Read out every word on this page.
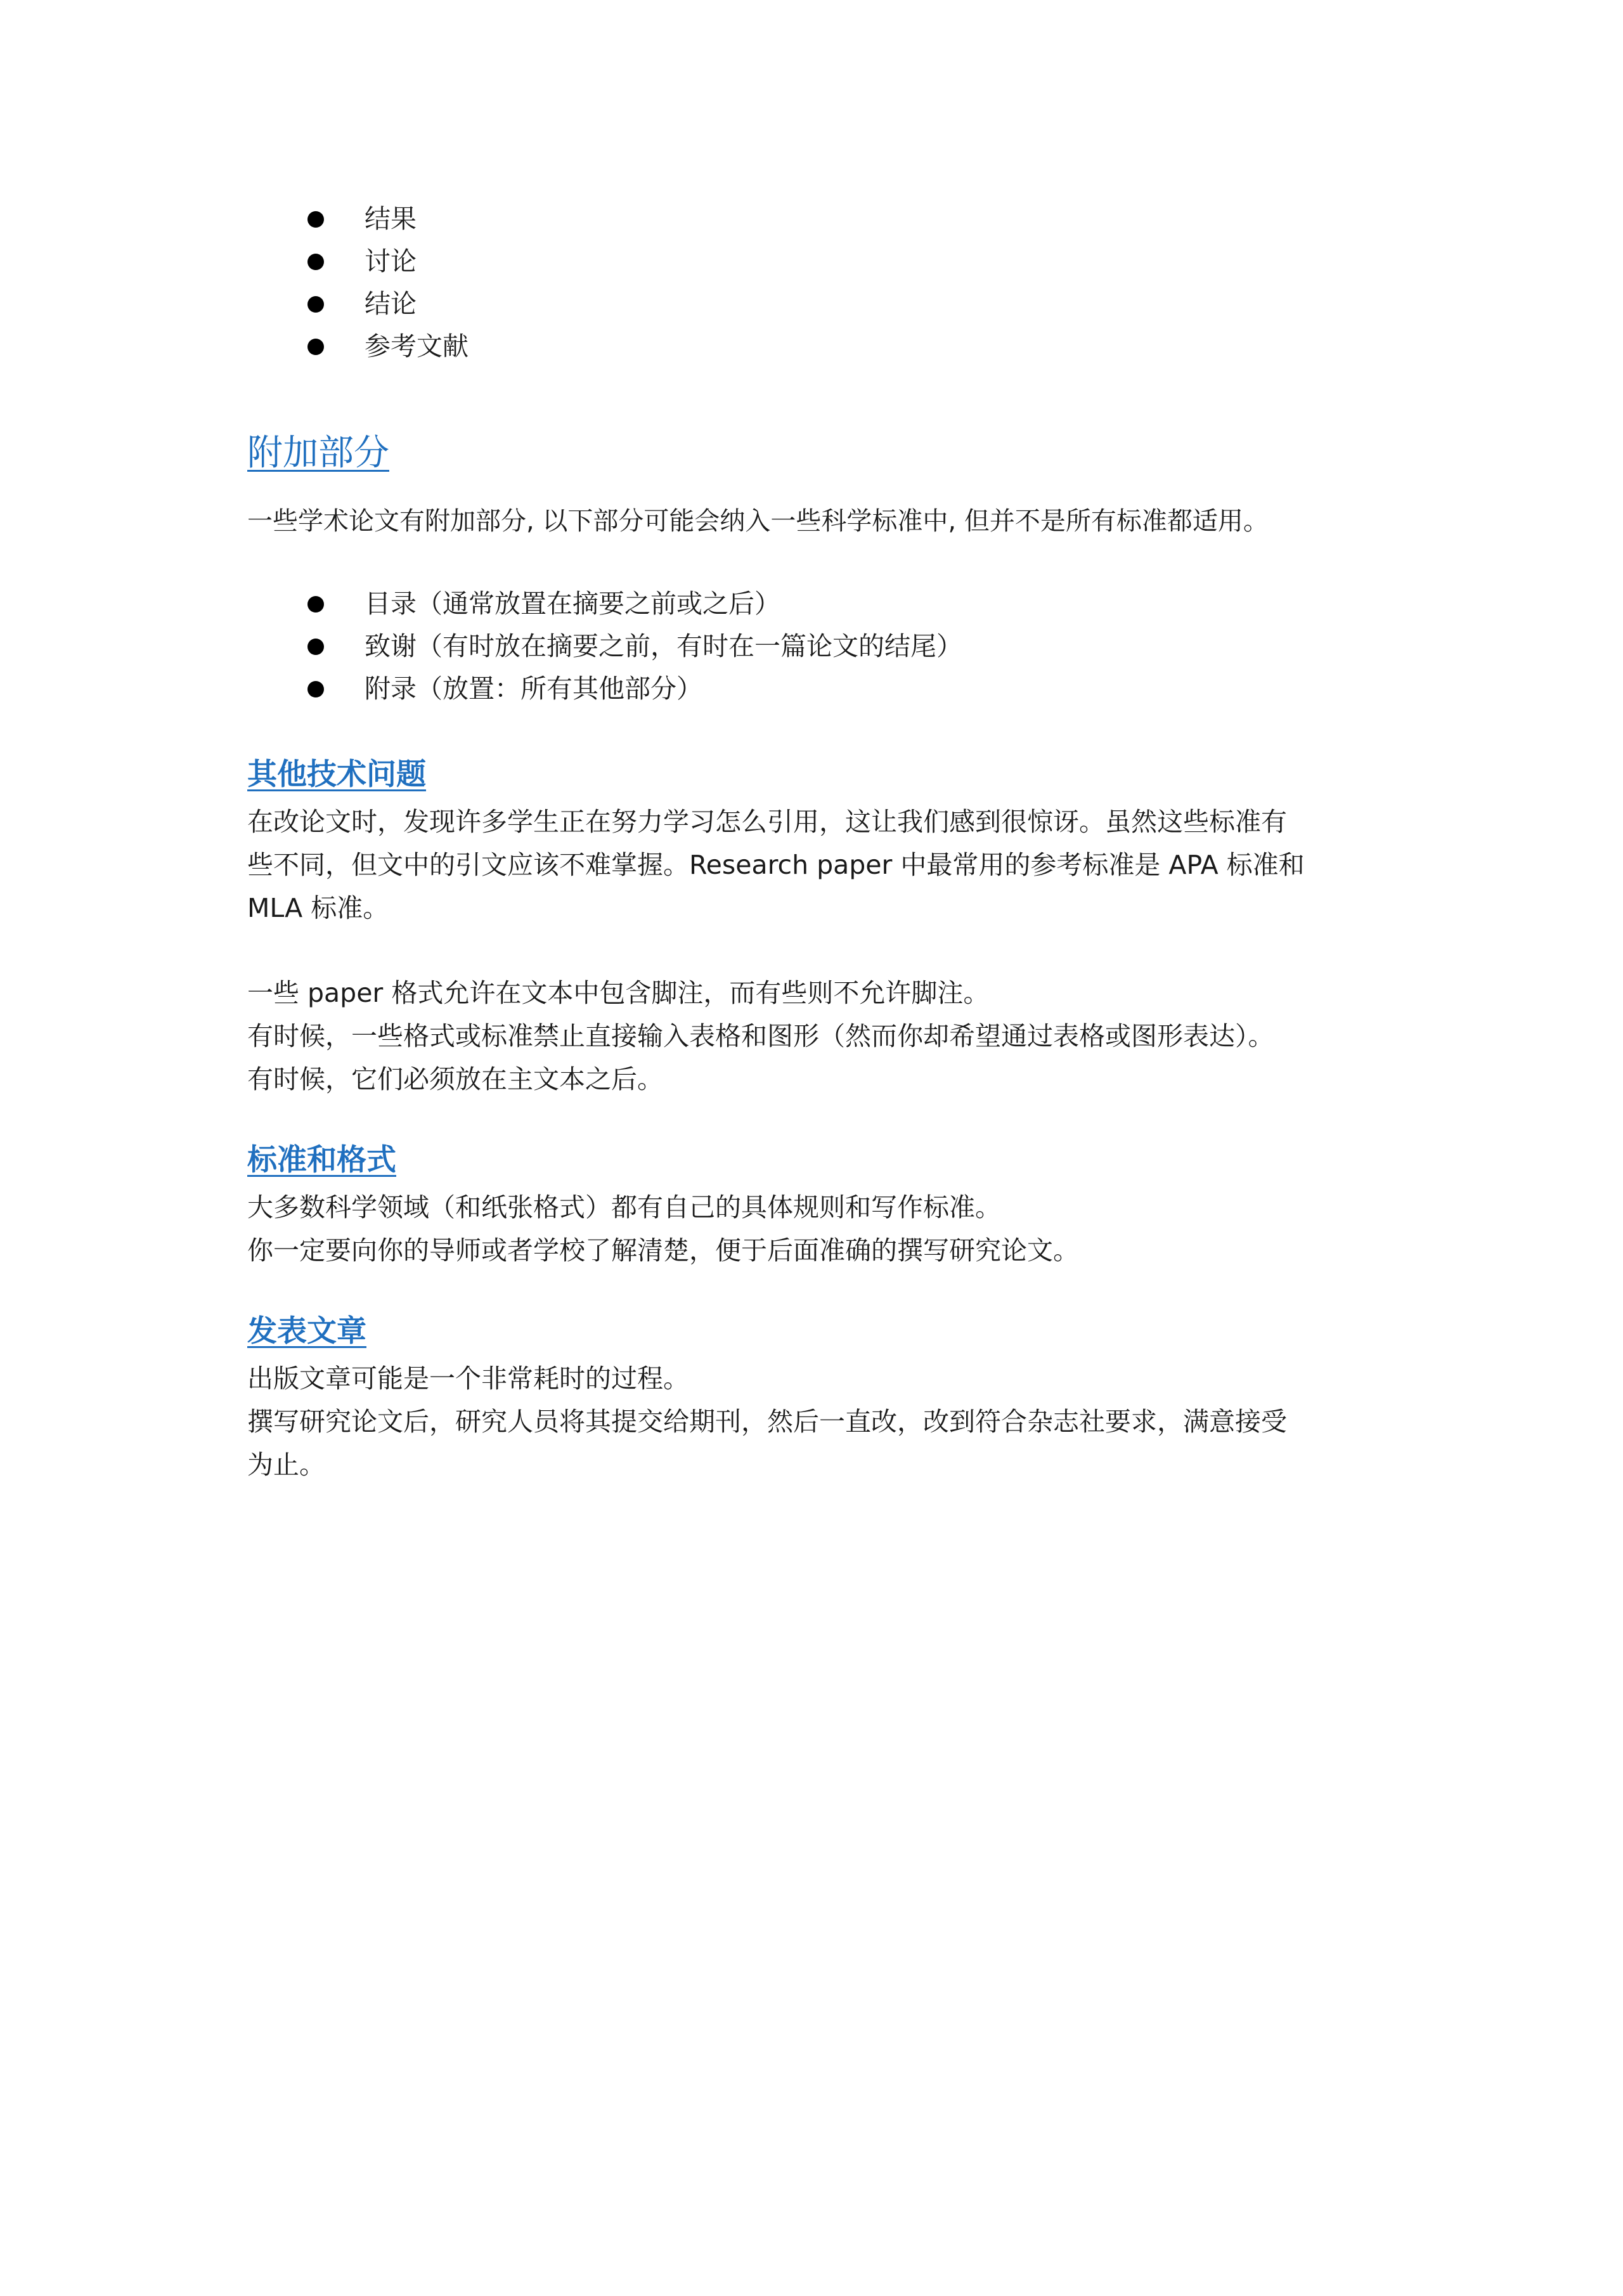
结果
讨论
结论
参考文献
附加部分
一些学术论文有附加部分, 以下部分可能会纳入一些科学标准中, 但并不是所有标准都适用。
目录（通常放置在摘要之前或之后）
致谢（有时放在摘要之前，有时在一篇论文的结尾）
附录（放置：所有其他部分）
其他技术问题
在改论文时，发现许多学生正在努力学习怎么引用，这让我们感到很惊讶。虽然这些标准有
些不同，但文中的引文应该不难掌握。Research paper 中最常用的参考标准是 APA 标准和
MLA 标准。
一些 paper 格式允许在文本中包含脚注，而有些则不允许脚注。
有时候，一些格式或标准禁止直接输入表格和图形（然而你却希望通过表格或图形表达）。
有时候，它们必须放在主文本之后。
标准和格式
大多数科学领域（和纸张格式）都有自己的具体规则和写作标准。
你一定要向你的导师或者学校了解清楚，便于后面准确的撰写研究论文。
发表文章
出版文章可能是一个非常耗时的过程。
撰写研究论文后，研究人员将其提交给期刊，然后一直改，改到符合杂志社要求，满意接受
为止。
